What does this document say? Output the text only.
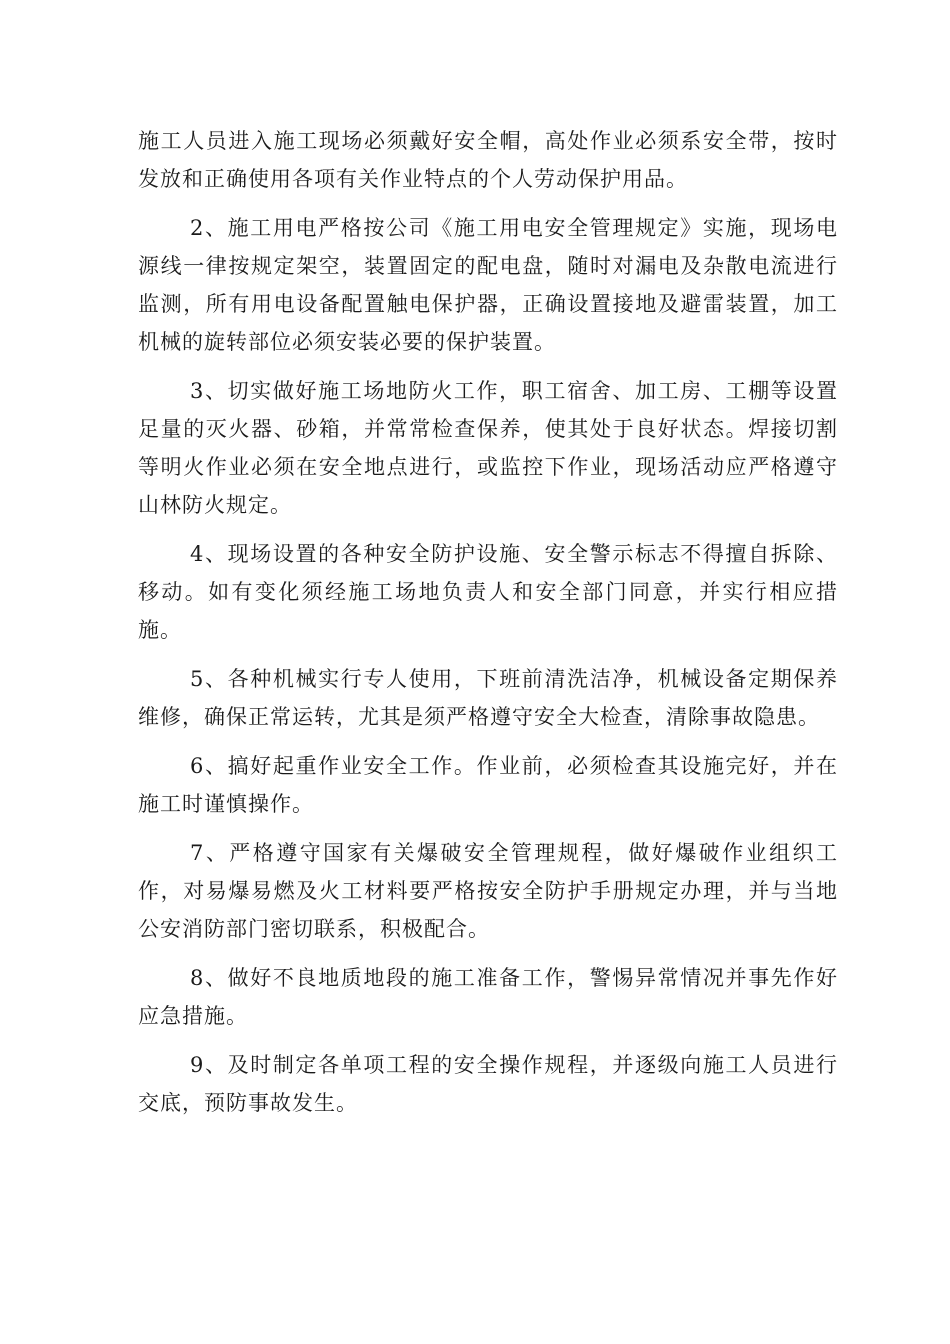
施工人员进入施工现场必须戴好安全帽，高处作业必须系安全带，按时发放和正确使用各项有关作业特点的个人劳动保护用品。

2、施工用电严格按公司《施工用电安全管理规定》实施，现场电源线一律按规定架空，装置固定的配电盘，随时对漏电及杂散电流进行监测，所有用电设备配置触电保护器，正确设置接地及避雷装置，加工机械的旋转部位必须安装必要的保护装置。

3、切实做好施工场地防火工作，职工宿舍、加工房、工棚等设置足量的灭火器、砂箱，并常常检查保养，使其处于良好状态。焊接切割等明火作业必须在安全地点进行，或监控下作业，现场活动应严格遵守山林防火规定。

4、现场设置的各种安全防护设施、安全警示标志不得擅自拆除、移动。如有变化须经施工场地负责人和安全部门同意，并实行相应措施。

5、各种机械实行专人使用，下班前清洗洁净，机械设备定期保养维修，确保正常运转，尤其是须严格遵守安全大检查，清除事故隐患。

6、搞好起重作业安全工作。作业前，必须检查其设施完好，并在施工时谨慎操作。

7、严格遵守国家有关爆破安全管理规程，做好爆破作业组织工作，对易爆易燃及火工材料要严格按安全防护手册规定办理，并与当地公安消防部门密切联系，积极配合。

8、做好不良地质地段的施工准备工作，警惕异常情况并事先作好应急措施。

9、及时制定各单项工程的安全操作规程，并逐级向施工人员进行交底，预防事故发生。
